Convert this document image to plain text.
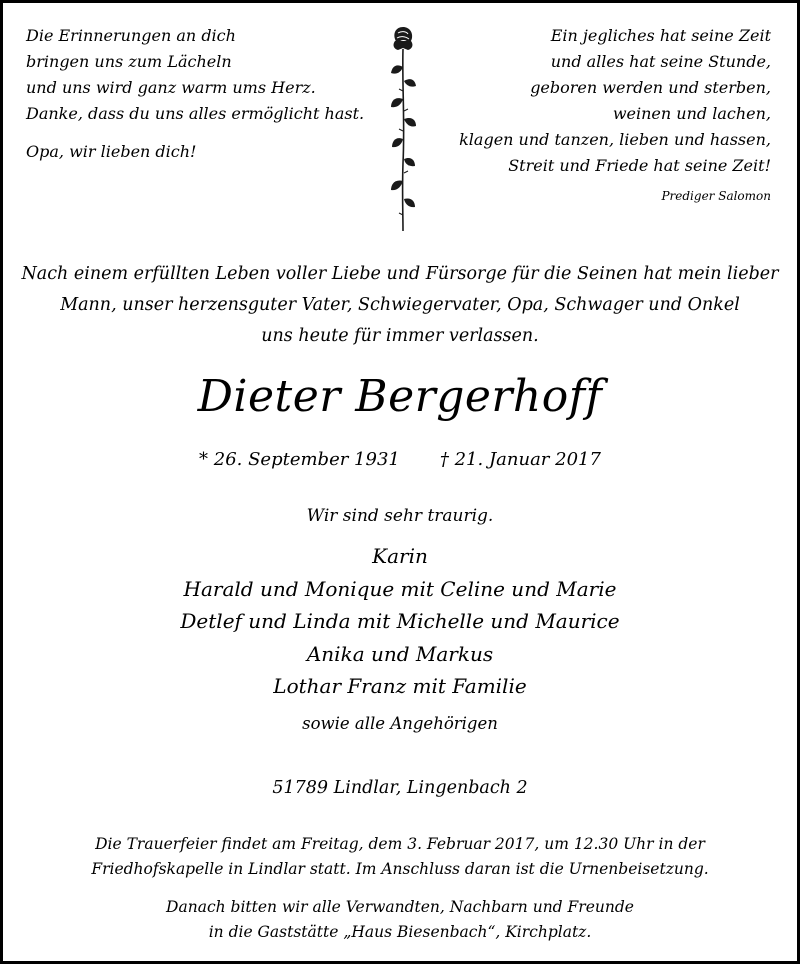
Die Erinnerungen an dich
bringen uns zum Lächeln
und uns wird ganz warm ums Herz.
Danke, dass du uns alles ermöglicht hast.
Opa, wir lieben dich!
Ein jegliches hat seine Zeit
und alles hat seine Stunde,
geboren werden und sterben,
weinen und lachen,
klagen und tanzen, lieben und hassen,
Streit und Friede hat seine Zeit!
Prediger Salomon
Nach einem erfüllten Leben voller Liebe und Fürsorge für die Seinen hat mein lieber
Mann, unser herzensguter Vater, Schwiegervater, Opa, Schwager und Onkel
uns heute für immer verlassen.
Dieter Bergerhoff
* 26. September 1931 † 21. Januar 2017
Wir sind sehr traurig.
Karin
Harald und Monique mit Celine und Marie
Detlef und Linda mit Michelle und Maurice
Anika und Markus
Lothar Franz mit Familie
sowie alle Angehörigen
51789 Lindlar, Lingenbach 2
Die Trauerfeier findet am Freitag, dem 3. Februar 2017, um 12.30 Uhr in der
Friedhofskapelle in Lindlar statt. Im Anschluss daran ist die Urnenbeisetzung.
Danach bitten wir alle Verwandten, Nachbarn und Freunde
in die Gaststätte „Haus Biesenbach“, Kirchplatz.
